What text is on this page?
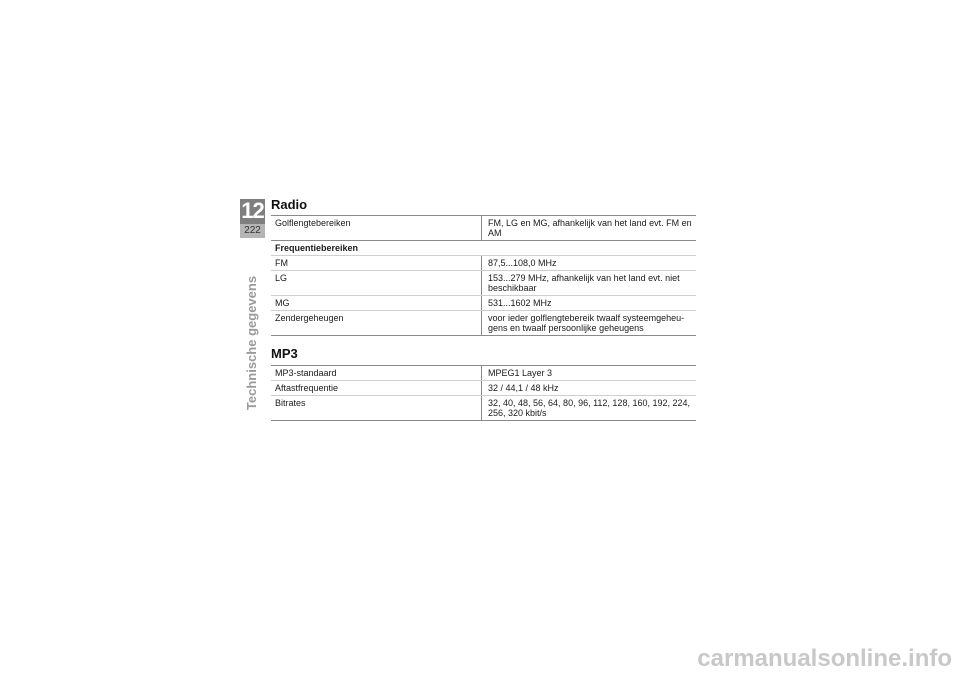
12
222
Technische gegevens
Radio
Golflengtebereiken	FM, LG en MG, afhankelijk van het land evt. FM en AM
Frequentiebereiken
FM	87,5...108,0 MHz
LG	153...279 MHz, afhankelijk van het land evt. niet beschikbaar
MG	531...1602 MHz
Zendergeheugen	voor ieder golflengtebereik twaalf systeemgeheu-gens en twaalf persoonlijke geheugens
MP3
MP3-standaard	MPEG1 Layer 3
Aftastfrequentie	32 / 44,1 / 48 kHz
Bitrates	32, 40, 48, 56, 64, 80, 96, 112, 128, 160, 192, 224, 256, 320 kbit/s
carmanualsonline.info
